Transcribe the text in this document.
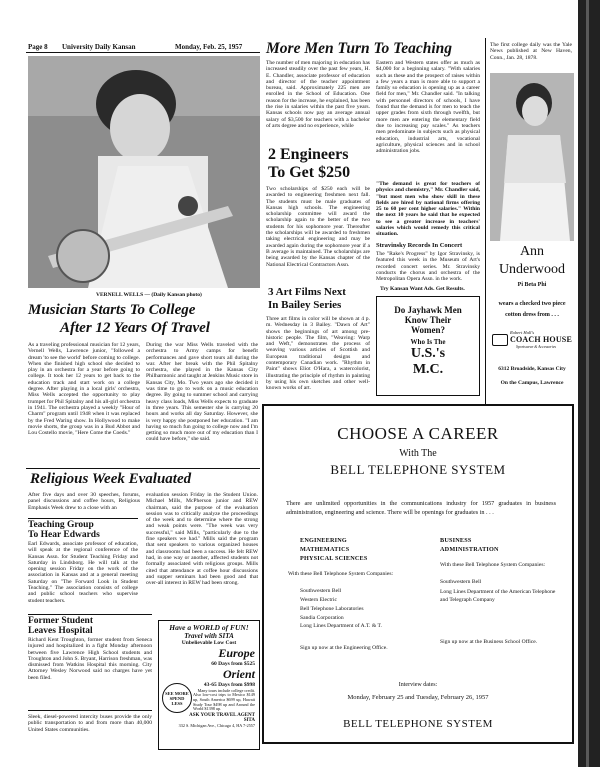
Page 8 University Daily Kansan	Monday, Feb. 25, 1957
VERNELL WELLS — (Daily Kansan photo)
Musician Starts To College
After 12 Years Of Travel
As a traveling professional musician for 12 years, Vernell Wells, Lawrence junior, "followed a dream 'to see the world' before coming to college. When she finished high school she decided to play in an orchestra for a year before going to college. It took her 12 years to get back to the education track and start work on a college degree. After playing in a local girls' orchestra, Miss Wells accepted the opportunity to play trumpet for Phil Spitalny and his all-girl orchestra in 1941. The orchestra played a weekly "Hour of Charm" program until 1948 when it was replaced by the Fred Waring show. In Hollywood to make movie shorts, the group was in a Bud Abbot and Lou Costello movie, "Here Come the Coeds."
During the war Miss Wells traveled with the orchestra to Army camps for benefit performances and gave short tours all during the war. After her break with the Phil Spitalny orchestra, she played in the Kansas City Philharmonic and taught at Jenkins Music store in Kansas City, Mo. Two years ago she decided it was time to go to work on a music education degree. By going to summer school and carrying heavy class loads, Miss Wells expects to graduate in three years. This semester she is carrying 20 hours and works all day Saturday. However, she is very happy she postponed her education. "I am having so much fun going to college now and I'm getting so much more out of my education than I could have before," she said.
Religious Week Evaluated
After five days and over 30 speeches, forums, panel discussions and coffee hours, Religious Emphasis Week drew to a close with an
evaluation session Friday in the Student Union. Michael Mills, McPherson junior and REW chairman, said the purpose of the evaluation session was to critically analyze the proceedings of the week and to determine where the strong and weak points were. "The week was very successful," said Mills, "particularly due to the fine speakers we had." Mills said the program that sent speakers to various organized houses and classrooms had been a success. He felt REW had, in one way or another, affected students not formally associated with religious groups. Mills cited that attendance at coffee hour discussions and supper seminars had been good and that over-all interest in REW had been strong.
Teaching Group
To Hear Edwards
Earl Edwards, associate professor of education, will speak at the regional conference of the Kansas Assn. for Student Teaching Friday and Saturday in Lindsborg. He will talk at the opening session Friday on the work of the association in Kansas and at a general meeting Saturday on "The Forward Look in Student Teaching." The association consists of college and public school teachers who supervise student teachers.
Former Student
Leaves Hospital
Richard Kent Troughton, former student from Seneca injured and hospitalized in a fight Monday afternoon between five Lawrence High School students and Troughton and John S. Bryant, Harrison freshman, was dismissed from Watkins Hospital this morning. City Attorney Wesley Norwood said no charges have yet been filed.
Sleek, diesel-powered intercity buses provide the only public transportation to and from more than 40,000 United States communities.
Have a WORLD of FUN!
Travel with SITA
Unbelievable Low Cost
Europe
60 Days from $525
Orient
43-65 Days from $998
Many tours include college credit.
Also low-cost trips to Mexico $149 up, South America $699 up, Hawaii Study Tour $498 up and Around the World $1398 up.
ASK YOUR TRAVEL AGENT
SITA
332 S. Michigan Ave., Chicago 4, HA 7-2557
SEE MORE SPEND LESS
More Men Turn To Teaching
The number of men majoring in education has increased steadily over the past few years, H. E. Chandler, associate professor of education and director of the teacher appointment bureau, said. Approximately 225 men are enrolled in the School of Education. One reason for the increase, he explained, has been the rise in salaries within the past five years. Kansas schools now pay an average annual salary of $3,500 for teachers with a bachelor of arts degree and no experience, while
Eastern and Western states offer as much as $4,000 for a beginning salary. "With salaries such as these and the prospect of raises within a few years a man is more able to support a family so education is opening up as a career field for men," Mr. Chandler said. "In talking with personnel directors of schools, I have found that the demand is for men to teach the upper grades from sixth through twelfth, but more men are entering the elementary field due to increasing pay scales." As teachers men predominate in subjects such as physical education, industrial arts, vocational agriculture, physical sciences and in school administration jobs.
"The demand is great for teachers of physics and chemistry," Mr. Chandler said, "but most men who show skill in these fields are hired by national firms offering 25 to 60 per cent higher salaries." Within the next 10 years he said that he expected to see a greater increase in teachers' salaries which would remedy this critical situation.
2 Engineers
To Get $250
Two scholarships of $250 each will be awarded to engineering freshmen next fall. The students must be male graduates of Kansas high schools. The engineering scholarship committee will award the scholarship again to the better of the two students for his sophomore year. Thereafter the scholarships will be awarded to freshmen taking electrical engineering and may be awarded again during the sophomore year if a B average is maintained. The scholarships are being awarded by the Kansas chapter of the National Electrical Contractors Assn.
Stravinsky Records In Concert
The "Rake's Progress" by Igor Stravinsky, is featured this week in the Museum of Art's recorded concert series. Mr. Stravinsky conducts the chorus and orchestra of the Metropolitan Opera Assn. in the work.
Try Kansan Want Ads. Get Results.
3 Art Films Next
In Bailey Series
Three art films in color will be shown at 4 p. m. Wednesday in 3 Bailey. "Dawn of Art" shows the beginnings of art among pre-historic people. The film, "Weaving: Warp and Weft," demonstrates the process of weaving various articles of Scottish and European traditional designs and contemporary Canadian work. "Rhythm in Paint" shows Eliot O'Hara, a watercolorist, illustrating the principle of rhythm in painting by using his own sketches and other well-known works of art.
Do Jayhawk Men
Know Their
Women?
Who Is The
U.S.'s
M.C.
The first college daily was the Yale News published at New Haven, Conn., Jan. 28, 1878.
Ann
Underwood
Pi Beta Phi
wears a checked two piece cotton dress from . . .
Robert Hall's
COACH HOUSE
Sportswear & Accessories
6312 Broadside, Kansas City
On the Campus, Lawrence
CHOOSE A CAREER
With The
BELL TELEPHONE SYSTEM
There are unlimited opportunities in the communications industry for 1957 graduates in business administration, engineering and science. There will be openings for graduates in . . .
ENGINEERING
MATHEMATICS
PHYSICAL SCIENCES
With these Bell Telephone System Companies:
Southwestern Bell
Western Electric
Bell Telephone Laboratories
Sandia Corporation
Long Lines Department of A.T. & T.
Sign up now at the Engineering Office.
BUSINESS
ADMINISTRATION
With these Bell Telephone System Companies:
Southwestern Bell
Long Lines Department of the American Telephone and Telegraph Company
Sign up now at the Business School Office.
Interview dates:
Monday, February 25 and Tuesday, February 26, 1957
BELL TELEPHONE SYSTEM
